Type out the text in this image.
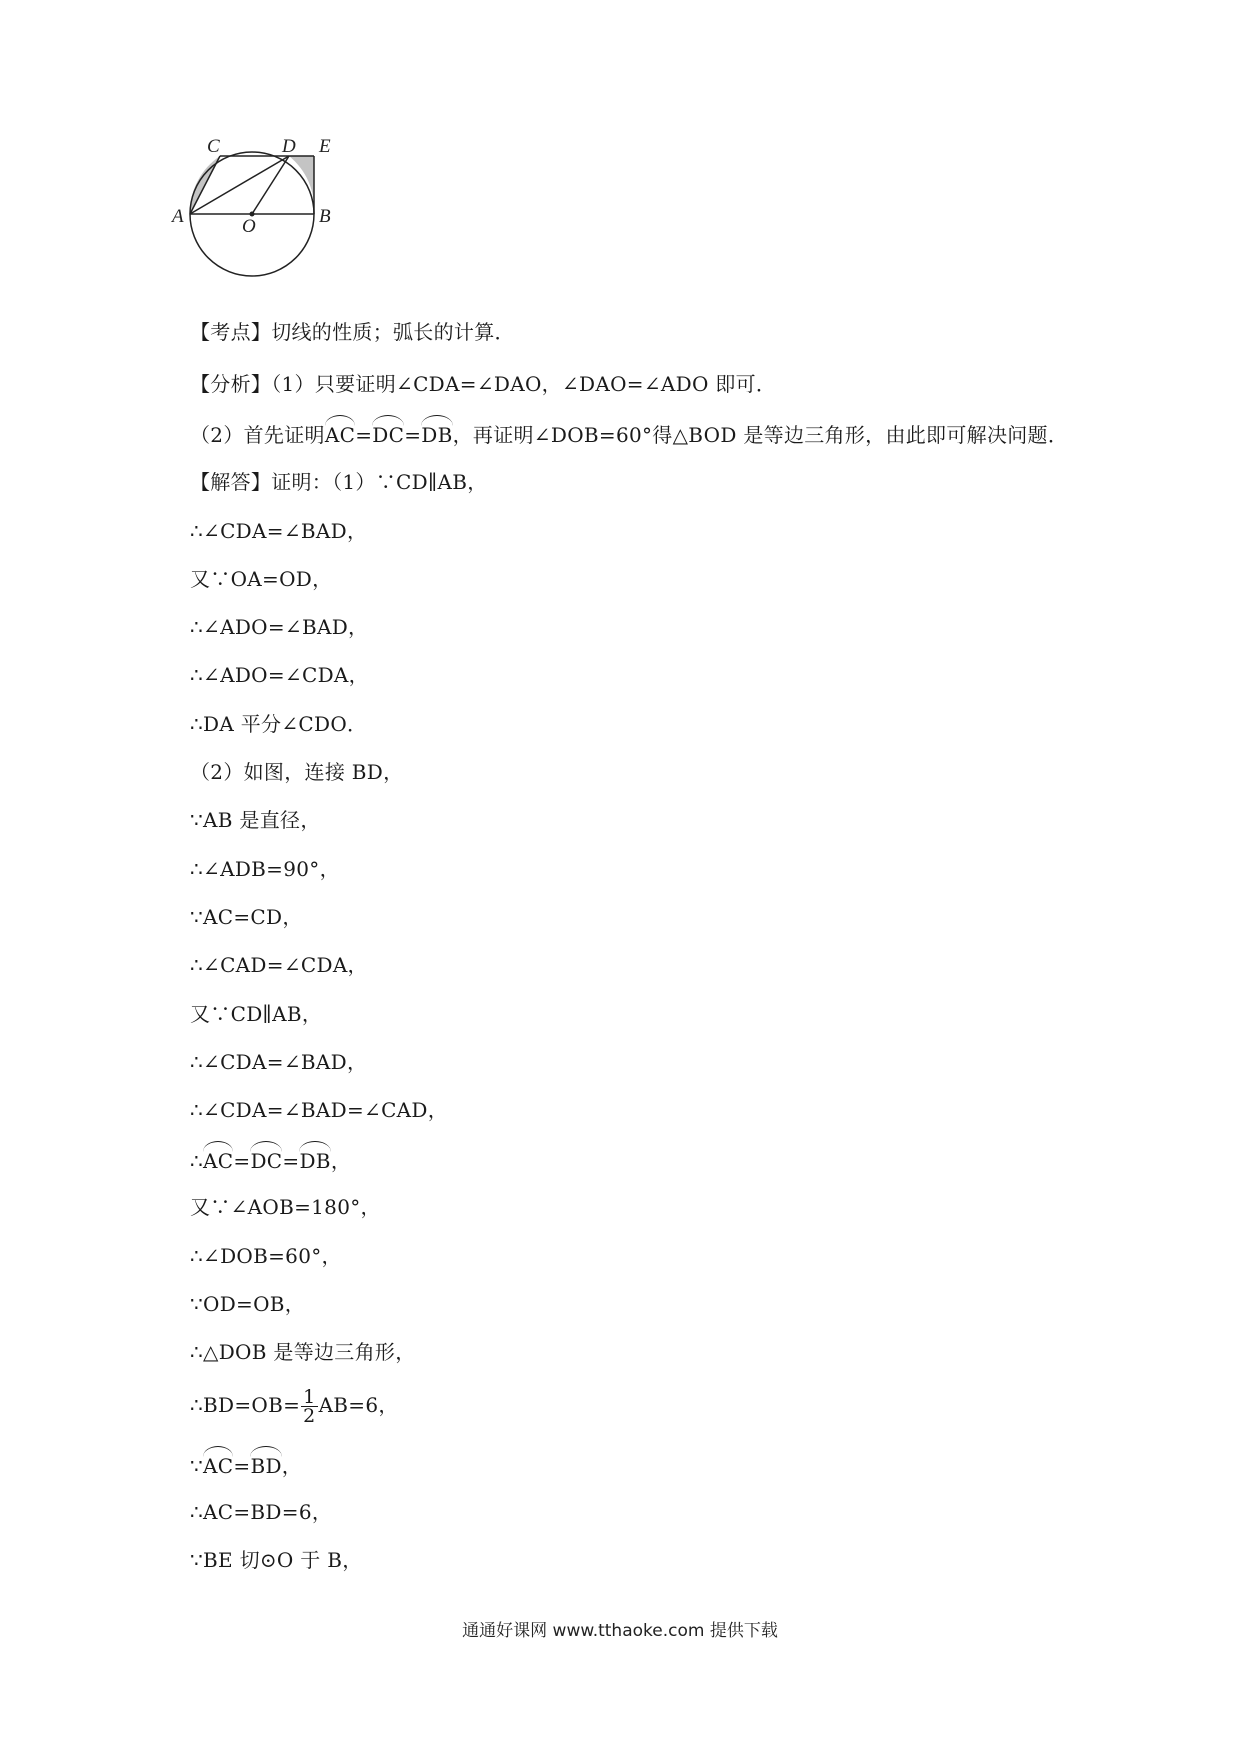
C	D E
A	O	B
【考点】切线的性质；弧长的计算．
【分析】（1）只要证明∠CDA=∠DAO，∠DAO=∠ADO 即可．
（2）首先证明AC=DC=DB，再证明∠DOB=60°得△BOD 是等边三角形，由此即可解决问题．
【解答】证明：（1）∵CD∥AB，
∴∠CDA=∠BAD，
又∵OA=OD，
∴∠ADO=∠BAD，
∴∠ADO=∠CDA，
∴DA 平分∠CDO．
（2）如图，连接 BD，
∵AB 是直径，
∴∠ADB=90°，
∵AC=CD，
∴∠CAD=∠CDA，
又∵CD∥AB，
∴∠CDA=∠BAD，
∴∠CDA=∠BAD=∠CAD，
∴AC=DC=DB，
又∵∠AOB=180°，
∴∠DOB=60°，
∵OD=OB，
∴△DOB 是等边三角形，
∴BD=OB= $\frac{1}{2} AB=6$，
∵AC=BD，
∴AC=BD=6，
∵BE 切⊙O 于 B，
通通好课网 www.tthaoke.com 提供下载
